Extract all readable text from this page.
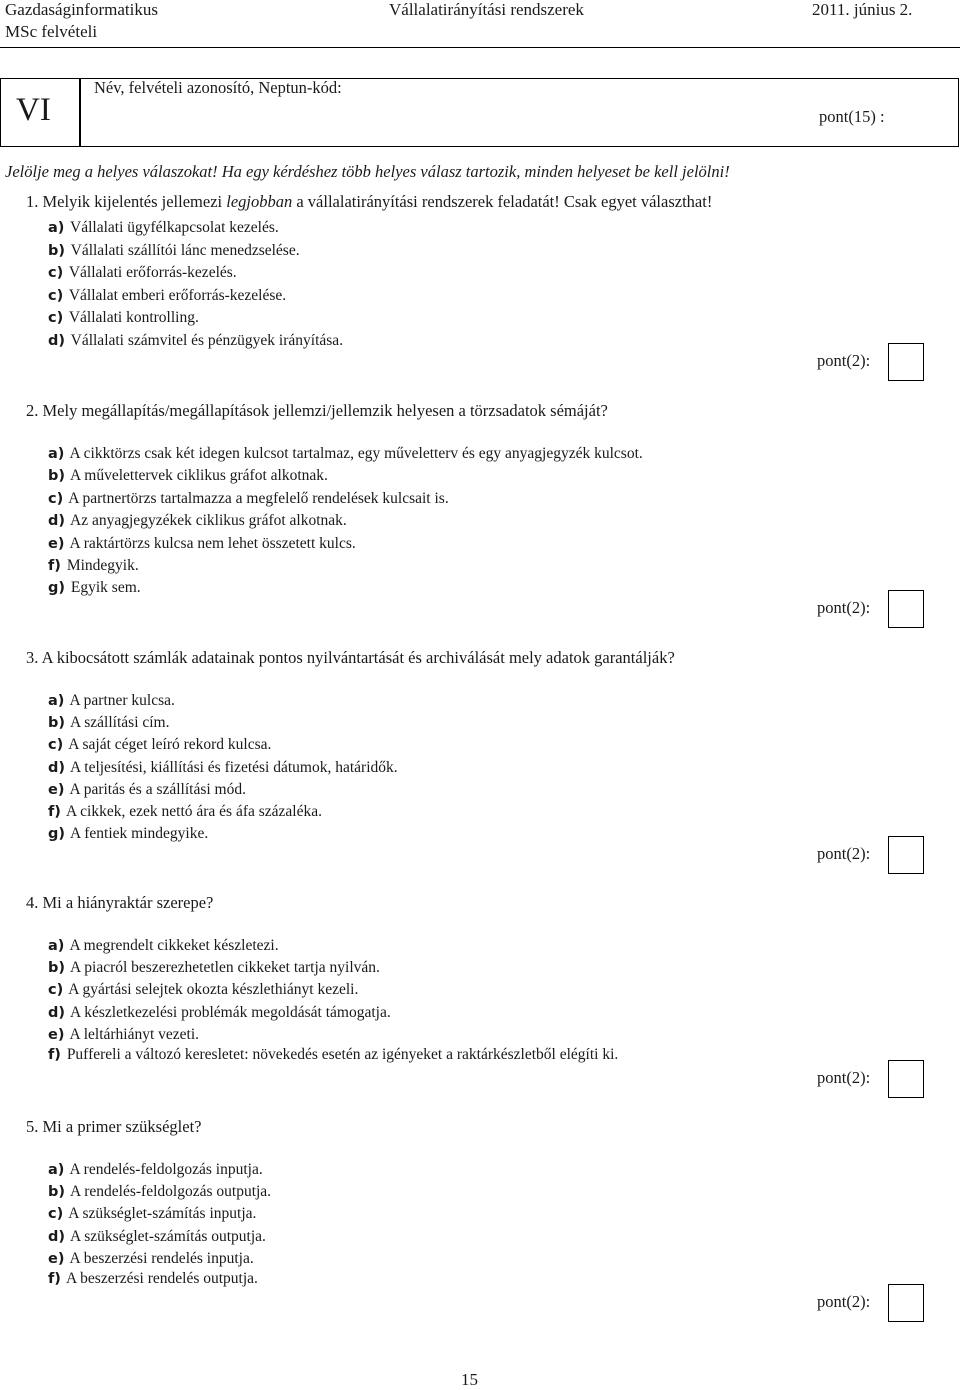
Gazdaságinformatikus
MSc felvételi
Vállalatirányítási rendszerek	2011. június 2.
VI
Név, felvételi azonosító, Neptun-kód:
pont(15) :
Jelölje meg a helyes válaszokat! Ha egy kérdéshez több helyes válasz tartozik, minden helyeset be kell jelölni!
1. Melyik kijelentés jellemezi legjobban a vállalatirányítási rendszerek feladatát! Csak egyet választhat!
a) Vállalati ügyfélkapcsolat kezelés.
b) Vállalati szállítói lánc menedzselése.
c) Vállalati erőforrás-kezelés.
c) Vállalat emberi erőforrás-kezelése.
c) Vállalati kontrolling.
d) Vállalati számvitel és pénzügyek irányítása.
pont(2):
2. Mely megállapítás/megállapítások jellemzi/jellemzik helyesen a törzsadatok sémáját?
a) A cikktörzs csak két idegen kulcsot tartalmaz, egy műveletterv és egy anyagjegyzék kulcsot.
b) A művelettervek ciklikus gráfot alkotnak.
c) A partnertörzs tartalmazza a megfelelő rendelések kulcsait is.
d) Az anyagjegyzékek ciklikus gráfot alkotnak.
e) A raktártörzs kulcsa nem lehet összetett kulcs.
f) Mindegyik.
g) Egyik sem.
pont(2):
3. A kibocsátott számlák adatainak pontos nyilvántartását és archiválását mely adatok garantálják?
a) A partner kulcsa.
b) A szállítási cím.
c) A saját céget leíró rekord kulcsa.
d) A teljesítési, kiállítási és fizetési dátumok, határidők.
e) A paritás és a szállítási mód.
f) A cikkek, ezek nettó ára és áfa százaléka.
g) A fentiek mindegyike.
pont(2):
4. Mi a hiányraktár szerepe?
a) A megrendelt cikkeket készletezi.
b) A piacról beszerezhetetlen cikkeket tartja nyilván.
c) A gyártási selejtek okozta készlethiányt kezeli.
d) A készletkezelési problémák megoldását támogatja.
e) A leltárhiányt vezeti.
f) Puffereli a változó keresletet: növekedés esetén az igényeket a raktárkészletből elégíti ki.
pont(2):
5. Mi a primer szükséglet?
a) A rendelés-feldolgozás inputja.
b) A rendelés-feldolgozás outputja.
c) A szükséglet-számítás inputja.
d) A szükséglet-számítás outputja.
e) A beszerzési rendelés inputja.
f) A beszerzési rendelés outputja.
pont(2):
15
